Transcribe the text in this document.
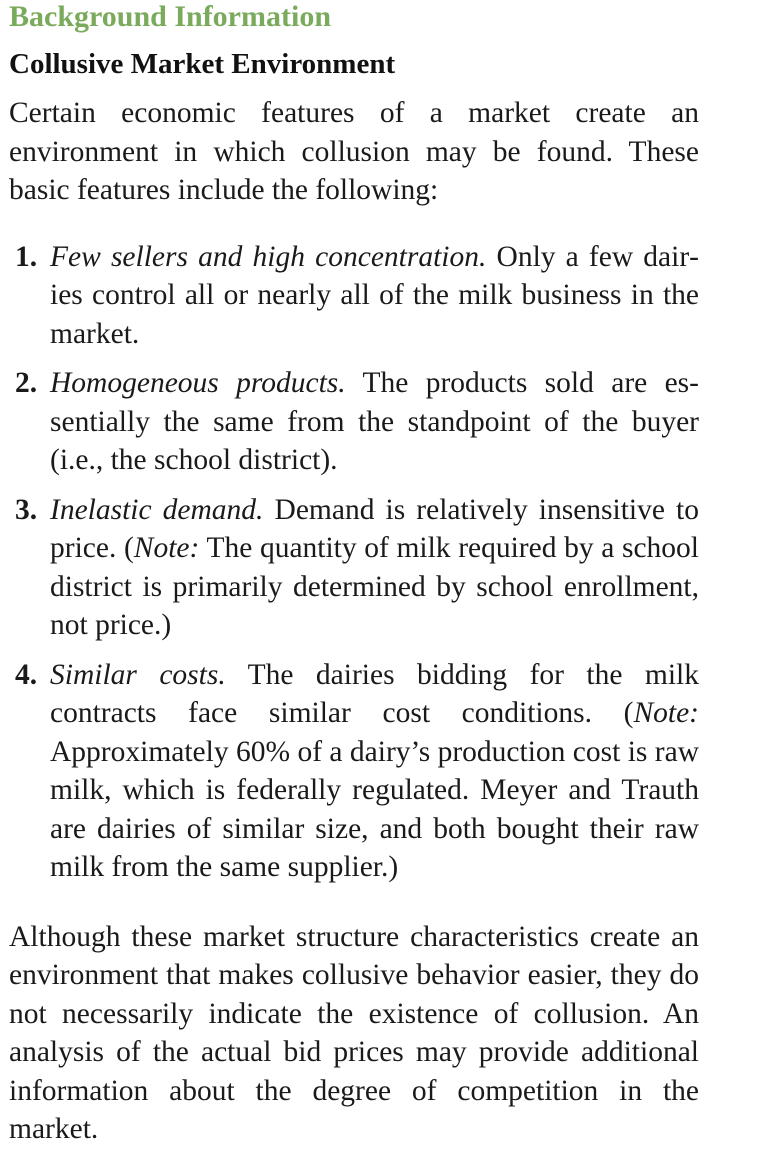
Background Information
Collusive Market Environment

Certain economic features of a market create an environment in which collusion may be found. These basic features include the following:

1. Few sellers and high concentration. Only a few dairies control all or nearly all of the milk business in the market.
2. Homogeneous products. The products sold are essentially the same from the standpoint of the buyer (i.e., the school district).
3. Inelastic demand. Demand is relatively insensitive to price. (Note: The quantity of milk required by a school district is primarily determined by school enrollment, not price.)
4. Similar costs. The dairies bidding for the milk contracts face similar cost conditions. (Note: Approximately 60% of a dairy’s production cost is raw milk, which is federally regulated. Meyer and Trauth are dairies of similar size, and both bought their raw milk from the same supplier.)

Although these market structure characteristics create an environment that makes collusive behavior easier, they do not necessarily indicate the existence of collusion. An analysis of the actual bid prices may provide additional information about the degree of competition in the market.
